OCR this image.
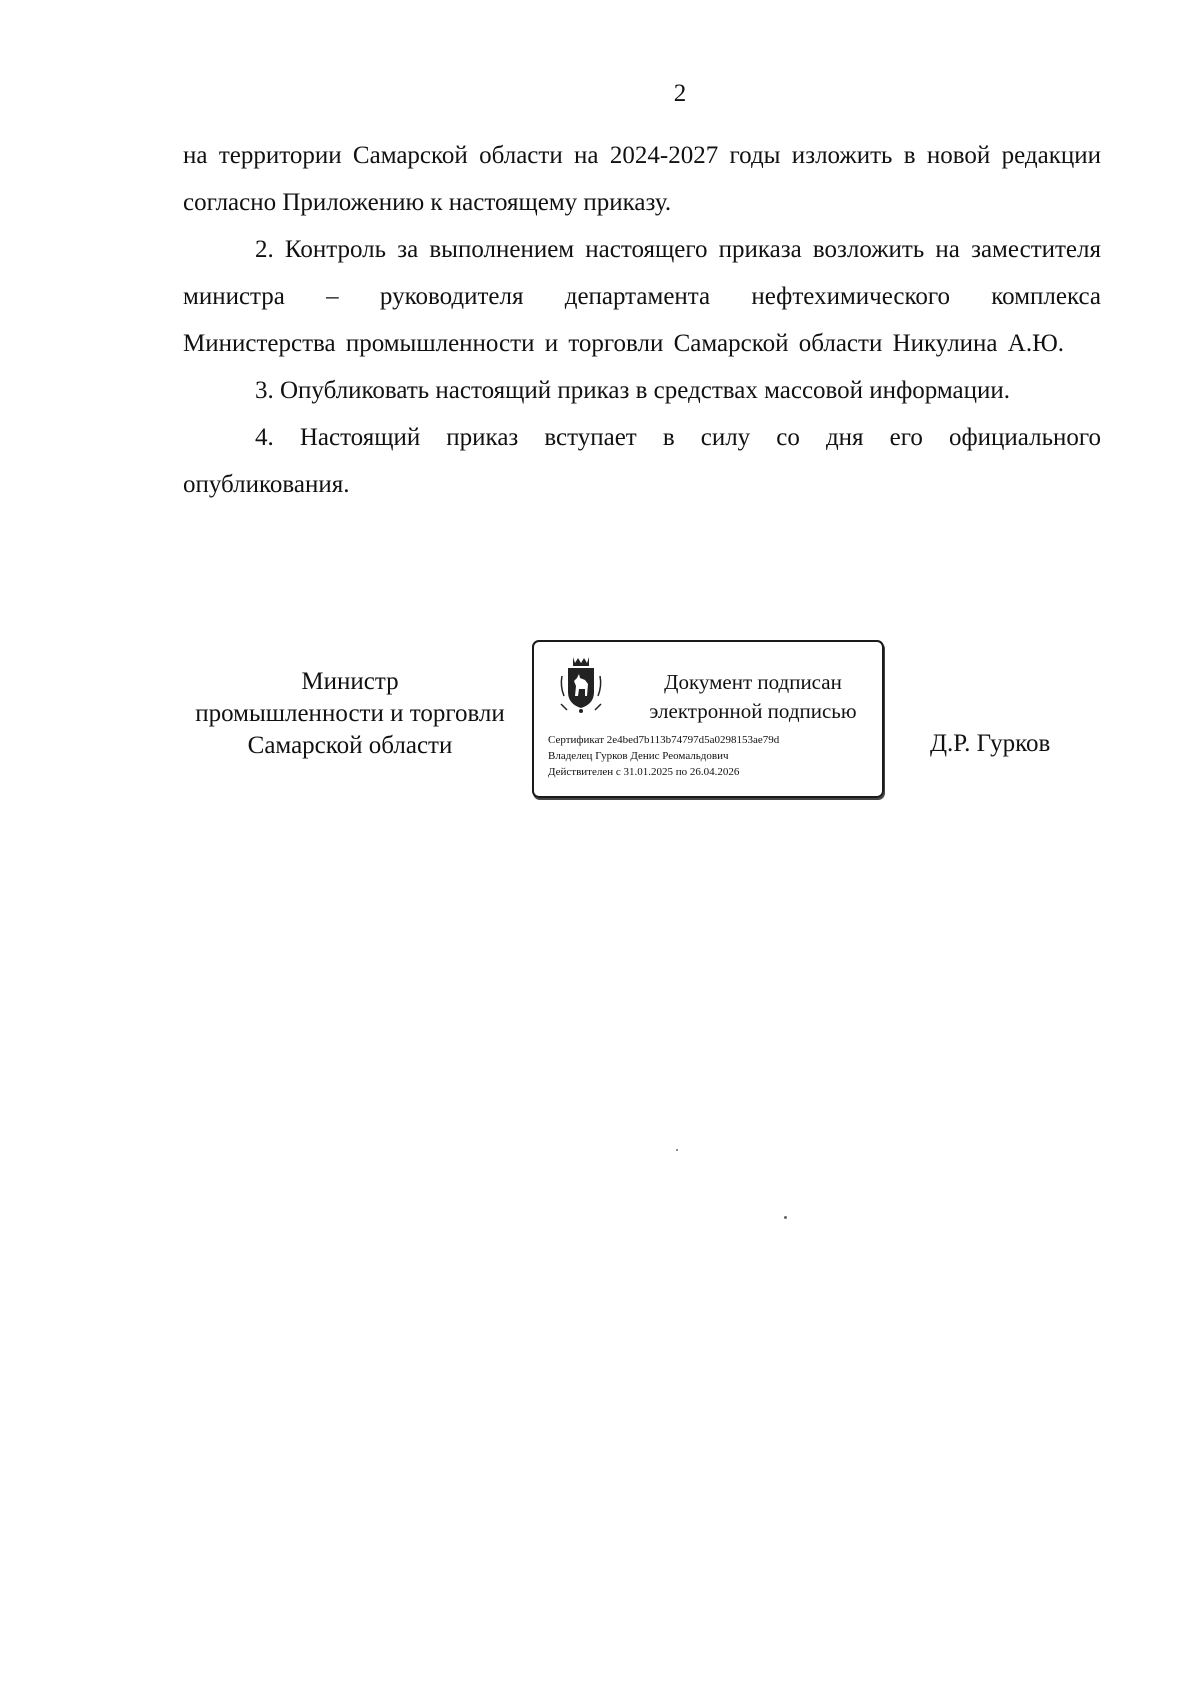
2

на территории Самарской области на 2024-2027 годы изложить в новой редакции согласно Приложению к настоящему приказу.

2. Контроль за выполнением настоящего приказа возложить на заместителя министра – руководителя департамента нефтехимического комплекса Министерства промышленности и торговли Самарской области Никулина А.Ю.

3. Опубликовать настоящий приказ в средствах массовой информации.

4. Настоящий приказ вступает в силу со дня его официального опубликования.

Министр
промышленности и торговли
Самарской области
Документ подписан
электронной подписью
Сертификат 2e4bed7b113b74797d5a0298153ae79d
Владелец Гурков Денис Реомальдович
Действителен с 31.01.2025 по 26.04.2026
Д.Р. Гурков
